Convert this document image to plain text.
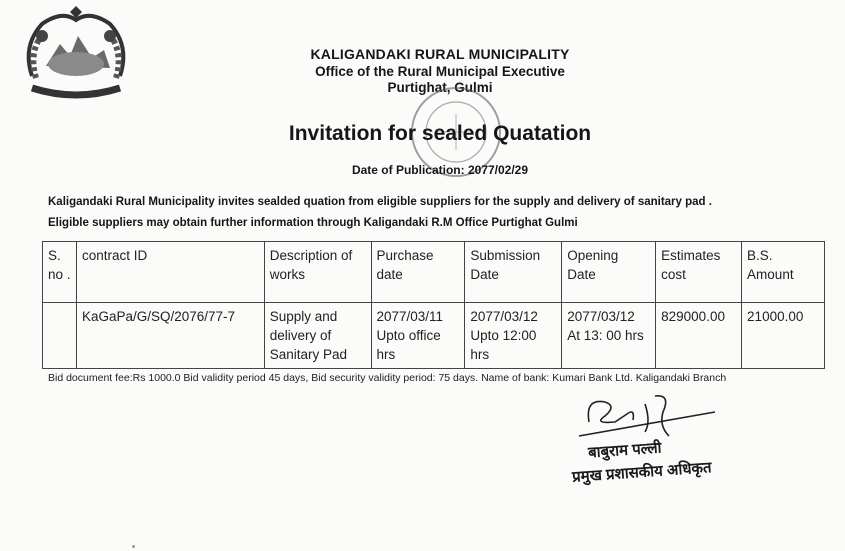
KALIGANDAKI RURAL MUNICIPALITY

Office of the Rural Municipal Executive

Purtighat, Gulmi

Invitation for sealed Quatation
Date of Publication: 2077/02/29
Kaligandaki Rural Municipality invites sealded quation from eligible suppliers for the supply and delivery of sanitary pad .
Eligible suppliers may obtain further information through Kaligandaki R.M Office Purtighat Gulmi
S. no .	contract ID	Description of works	Purchase date	Submission Date	Opening Date	Estimates cost	B.S. Amount
	KaGaPa/G/SQ/2076/77-7	Supply and delivery of Sanitary Pad	2077/03/11 Upto office hrs	2077/03/12 Upto 12:00 hrs	2077/03/12 At 13: 00 hrs	829000.00	21000.00
Bid document fee:Rs 1000.0 Bid validity period 45 days, Bid security validity period: 75 days. Name of bank: Kumari Bank Ltd. Kaligandaki Branch
बाबुराम पल्ली
प्रमुख प्रशासकीय अधिकृत
